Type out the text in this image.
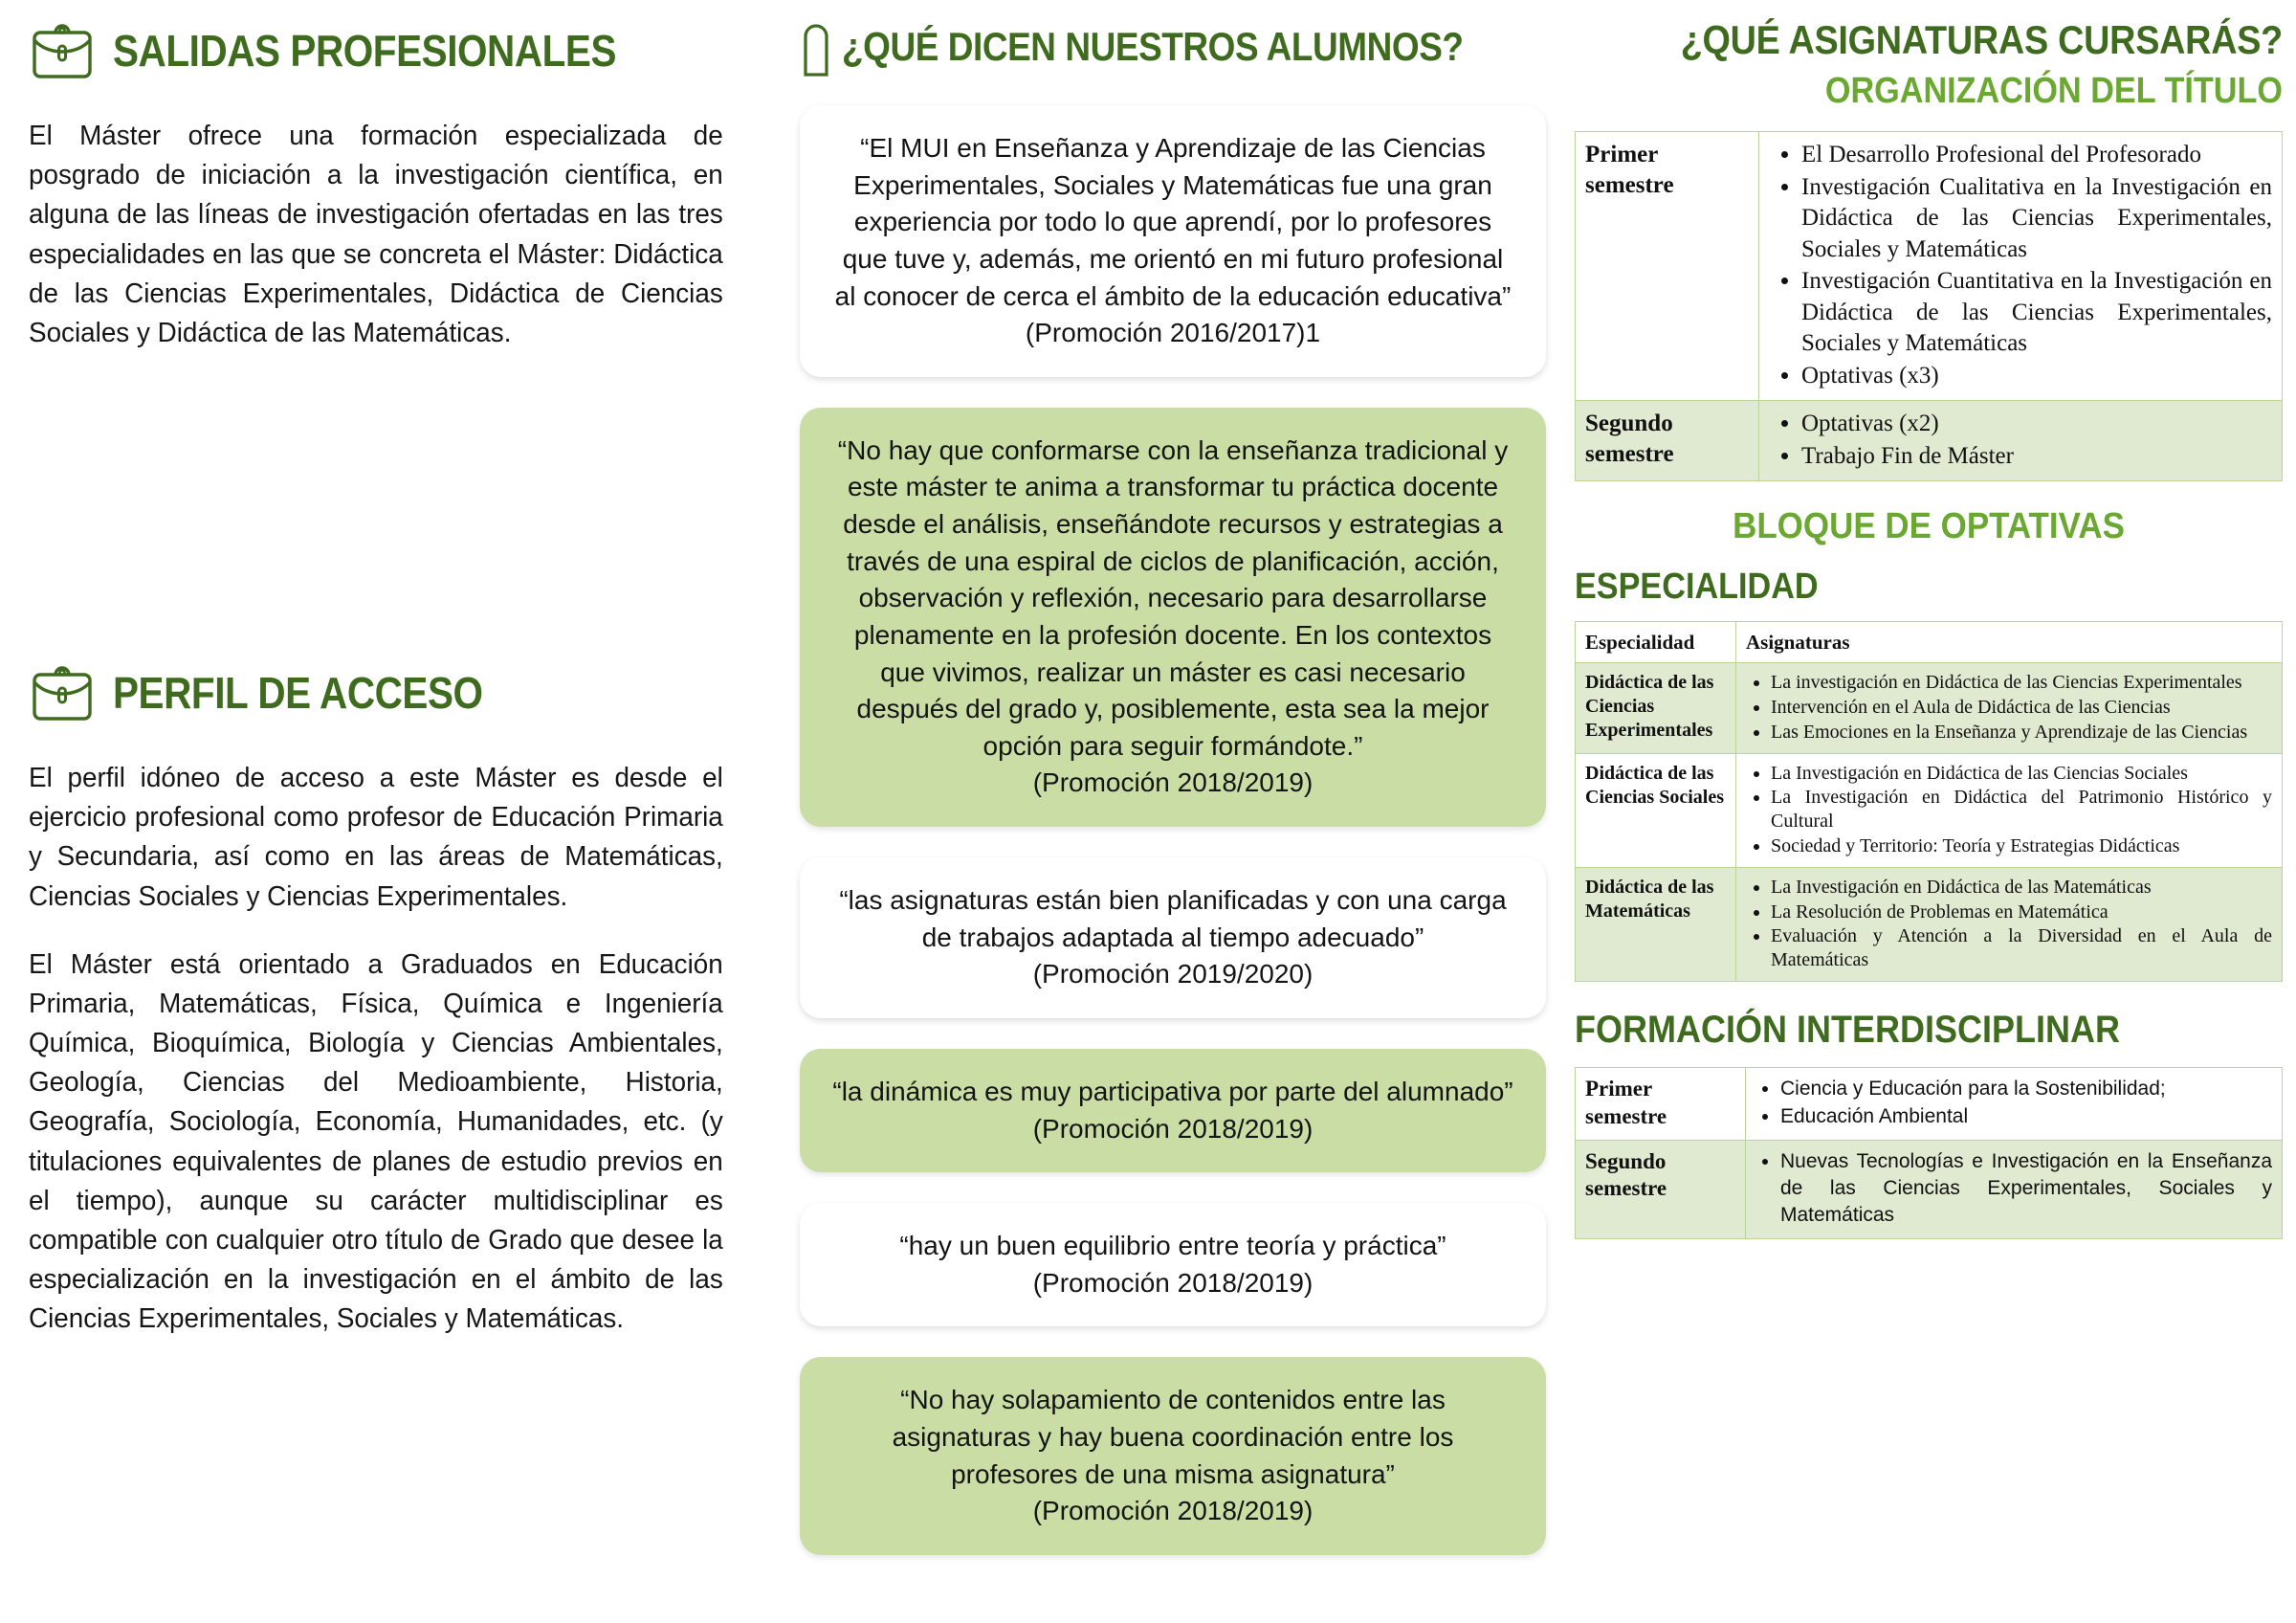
SALIDAS PROFESIONALES

El Máster ofrece una formación especializada de posgrado de iniciación a la investigación científica, en alguna de las líneas de investigación ofertadas en las tres especialidades en las que se concreta el Máster: Didáctica de las Ciencias Experimentales, Didáctica de Ciencias Sociales y Didáctica de las Matemáticas.

PERFIL DE ACCESO

El perfil idóneo de acceso a este Máster es desde el ejercicio profesional como profesor de Educación Primaria y Secundaria, así como en las áreas de Matemáticas, Ciencias Sociales y Ciencias Experimentales.

El Máster está orientado a Graduados en Educación Primaria, Matemáticas, Física, Química e Ingeniería Química, Bioquímica, Biología y Ciencias Ambientales, Geología, Ciencias del Medioambiente, Historia, Geografía, Sociología, Economía, Humanidades, etc. (y titulaciones equivalentes de planes de estudio previos en el tiempo), aunque su carácter multidisciplinar es compatible con cualquier otro título de Grado que desee la especialización en la investigación en el ámbito de las Ciencias Experimentales, Sociales y Matemáticas.

¿QUÉ DICEN NUESTROS ALUMNOS?
“El MUI en Enseñanza y Aprendizaje de las Ciencias Experimentales, Sociales y Matemáticas fue una gran experiencia por todo lo que aprendí, por lo profesores que tuve y, además, me orientó en mi futuro profesional al conocer de cerca el ámbito de la educación educativa”
(Promoción 2016/2017)1
“No hay que conformarse con la enseñanza tradicional y este máster te anima a transformar tu práctica docente desde el análisis, enseñándote recursos y estrategias a través de una espiral de ciclos de planificación, acción, observación y reflexión, necesario para desarrollarse plenamente en la profesión docente. En los contextos que vivimos, realizar un máster es casi necesario después del grado y, posiblemente, esta sea la mejor opción para seguir formándote.”
(Promoción 2018/2019)
“las asignaturas están bien planificadas y con una carga de trabajos adaptada al tiempo adecuado”
(Promoción 2019/2020)
“la dinámica es muy participativa por parte del alumnado”
(Promoción 2018/2019)
“hay un buen equilibrio entre teoría y práctica”
(Promoción 2018/2019)
“No hay solapamiento de contenidos entre las asignaturas y hay buena coordinación entre los profesores de una misma asignatura”
(Promoción 2018/2019)
¿QUÉ ASIGNATURAS CURSARÁS?
ORGANIZACIÓN DEL TÍTULO
Primer semestre	
• El Desarrollo Profesional del Profesorado
• Investigación Cualitativa en la Investigación en Didáctica de las Ciencias Experimentales, Sociales y Matemáticas
• Investigación Cuantitativa en la Investigación en Didáctica de las Ciencias Experimentales, Sociales y Matemáticas
• Optativas (x3)

Segundo semestre	
• Optativas (x2)
• Trabajo Fin de Máster
BLOQUE DE OPTATIVAS
ESPECIALIDAD
Especialidad	Asignaturas
Didáctica de las Ciencias Experimentales	
• La investigación en Didáctica de las Ciencias Experimentales
• Intervención en el Aula de Didáctica de las Ciencias
• Las Emociones en la Enseñanza y Aprendizaje de las Ciencias

Didáctica de las Ciencias Sociales	
• La Investigación en Didáctica de las Ciencias Sociales
• La Investigación en Didáctica del Patrimonio Histórico y Cultural
• Sociedad y Territorio: Teoría y Estrategias Didácticas

Didáctica de las Matemáticas	
• La Investigación en Didáctica de las Matemáticas
• La Resolución de Problemas en Matemática
• Evaluación y Atención a la Diversidad en el Aula de Matemáticas
FORMACIÓN INTERDISCIPLINAR
Primer semestre	
• Ciencia y Educación para la Sostenibilidad;
• Educación Ambiental

Segundo semestre	
• Nuevas Tecnologías e Investigación en la Enseñanza de las Ciencias Experimentales, Sociales y Matemáticas
